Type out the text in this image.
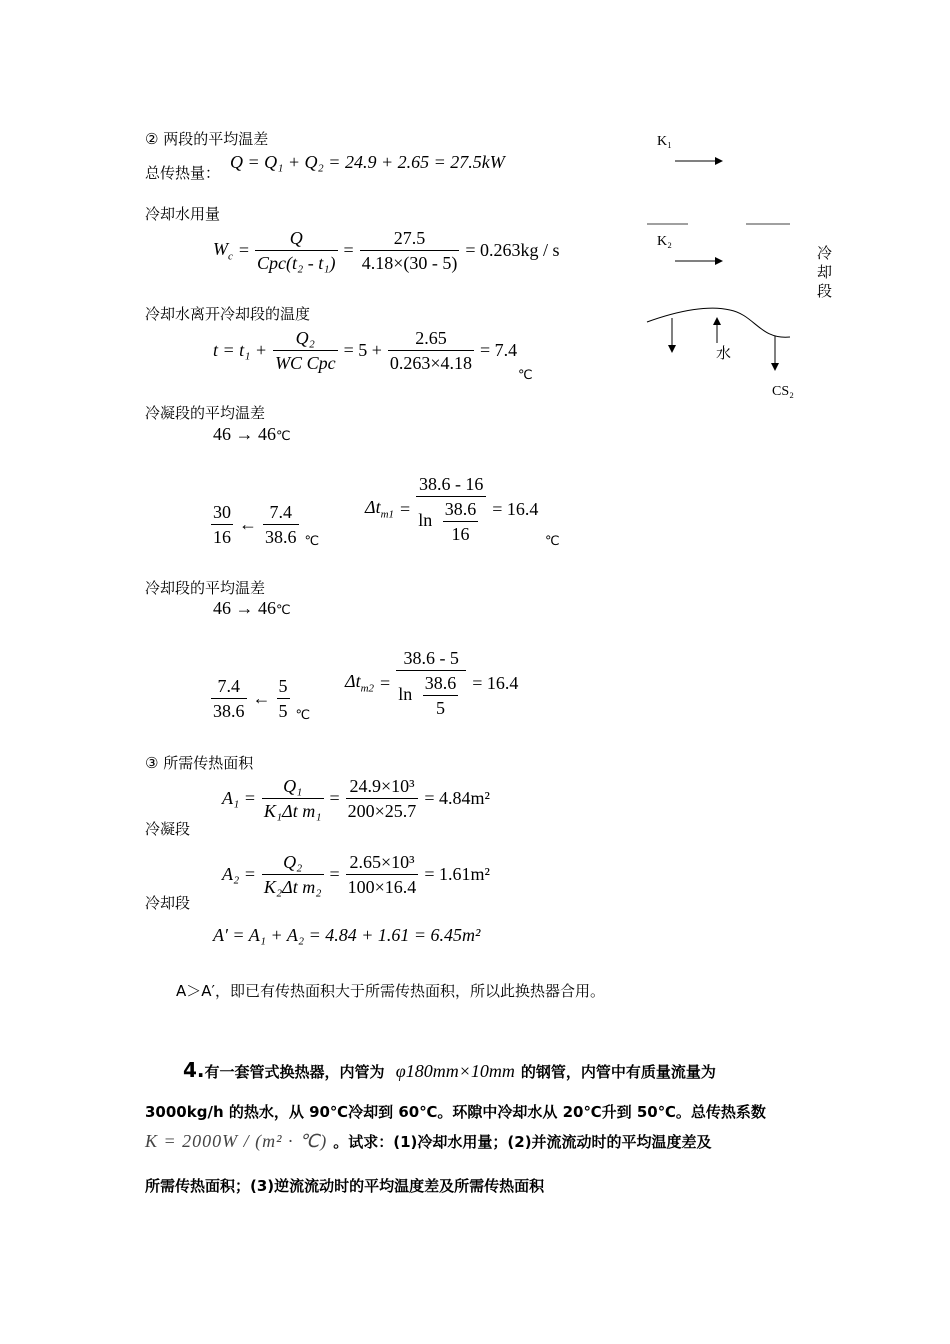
② 两段的平均温差
总传热量：
Q = Q₁ + Q₂ = 24.9 + 2.65 = 27.5kW
冷却水用量
$W_c = \frac{Q}{\text{Cpc(t₂ - t₁)}} = \frac{27.5}{4.18\times(30 - 5)} = 0.263kg / s$
冷却水离开冷却段的温度
$t = t_1 + \frac{\text{Q₂}}{\text{WC Cpc}} = 5 + \frac{2.65}{0.263\times 4.18} = 7.4$
℃
冷凝段的平均温差
46 → 46℃
$\frac{30}{16}$ ← $\frac{7.4}{38.6}$ ℃
$\Delta t_{m1} = \frac{38.6 - 16}{\ln \frac{38.6}{16}} = 16.4$
℃
冷却段的平均温差
46 → 46℃
$\frac{7.4}{38.6}$ ← $\frac{5}{5}$ ℃
$\Delta t_{m2} = \frac{38.6 - 5}{\ln \frac{38.6}{5}} = 16.4$
③ 所需传热面积
冷凝段
$A_1 = \frac{\text{Q₁}}{\text{K₁Δt m₁}} = \frac{\text{24.9×10³}}{200\times 25.7} = 4.84m^2$
冷却段
$A_2 = \frac{\text{Q₂}}{\text{K₂Δt m₂}} = \frac{\text{2.65×10³}}{100\times 16.4} = 1.61m^2$
A′ = A₁ + A₂ = 4.84 + 1.61 = 6.45m²
A＞A′，即已有传热面积大于所需传热面积，所以此换热器合用。
4.有一套管式换热器，内管为 φ180mm×10mm 的钢管，内管中有质量流量为
3000kg/h 的热水，从 90℃冷却到 60℃。环隙中冷却水从 20℃升到 50℃。总传热系数
K = 2000W / (m² · ℃) 。试求：(1)冷却水用量；(2)并流流动时的平均温度差及
所需传热面积；(3)逆流流动时的平均温度差及所需传热面积
K₁
K₂
冷
却
段
水
CS₂
